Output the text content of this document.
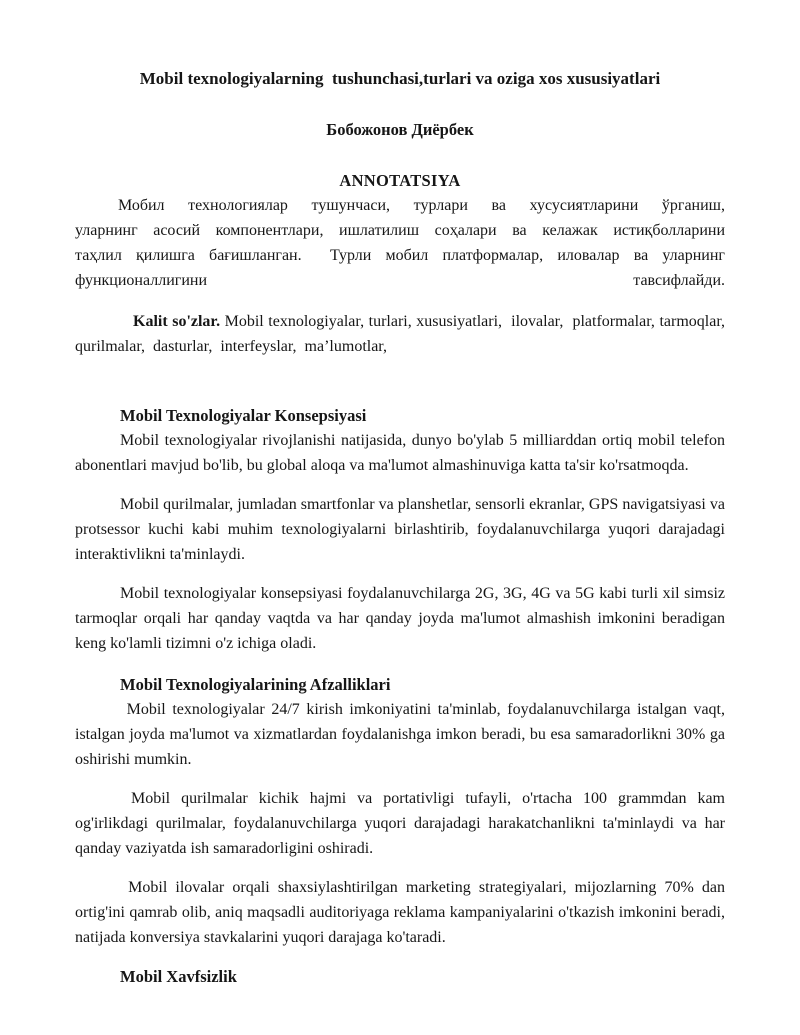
Mobil texnologiyalarning  tushunchasi,turlari va oziga xos xususiyatlari

Бобожонов Диёрбек

ANNOTATSIYA

Мобил технологиялар тушунчаси, турлари ва хусусиятларини ўрганиш,
уларнинг асосий компонентлари, ишлатилиш соҳалари ва келажак истиқболларини
таҳлил қилишга бағишланган.  Турли мобил платформалар, иловалар ва уларнинг
функционаллигини	тавсифлайди.

Kalit so'zlar. Mobil texnologiyalar, turlari, xususiyatlari,  ilovalar,  platformalar, tarmoqlar, qurilmalar,  dasturlar,  interfeyslar,  ma’lumotlar,

Mobil Texnologiyalar Konsepsiyasi

Mobil texnologiyalar rivojlanishi natijasida, dunyo bo'ylab 5 milliarddan ortiq mobil telefon abonentlari mavjud bo'lib, bu global aloqa va ma'lumot almashinuviga katta ta'sir ko'rsatmoqda.

Mobil qurilmalar, jumladan smartfonlar va planshetlar, sensorli ekranlar, GPS navigatsiyasi va protsessor kuchi kabi muhim texnologiyalarni birlashtirib, foydalanuvchilarga yuqori darajadagi interaktivlikni ta'minlaydi.

Mobil texnologiyalar konsepsiyasi foydalanuvchilarga 2G, 3G, 4G va 5G kabi turli xil simsiz tarmoqlar orqali har qanday vaqtda va har qanday joyda ma'lumot almashish imkonini beradigan keng ko'lamli tizimni o'z ichiga oladi.

Mobil Texnologiyalarining Afzalliklari

Mobil texnologiyalar 24/7 kirish imkoniyatini ta'minlab, foydalanuvchilarga istalgan vaqt, istalgan joyda ma'lumot va xizmatlardan foydalanishga imkon beradi, bu esa samaradorlikni 30% ga oshirishi mumkin.

Mobil qurilmalar kichik hajmi va portativligi tufayli, o'rtacha 100 grammdan kam og'irlikdagi qurilmalar, foydalanuvchilarga yuqori darajadagi harakatchanlikni ta'minlaydi va har qanday vaziyatda ish samaradorligini oshiradi.

Mobil ilovalar orqali shaxsiylashtirilgan marketing strategiyalari, mijozlarning 70% dan ortig'ini qamrab olib, aniq maqsadli auditoriyaga reklama kampaniyalarini o'tkazish imkonini beradi, natijada konversiya stavkalarini yuqori darajaga ko'taradi.

Mobil Xavfsizlik
